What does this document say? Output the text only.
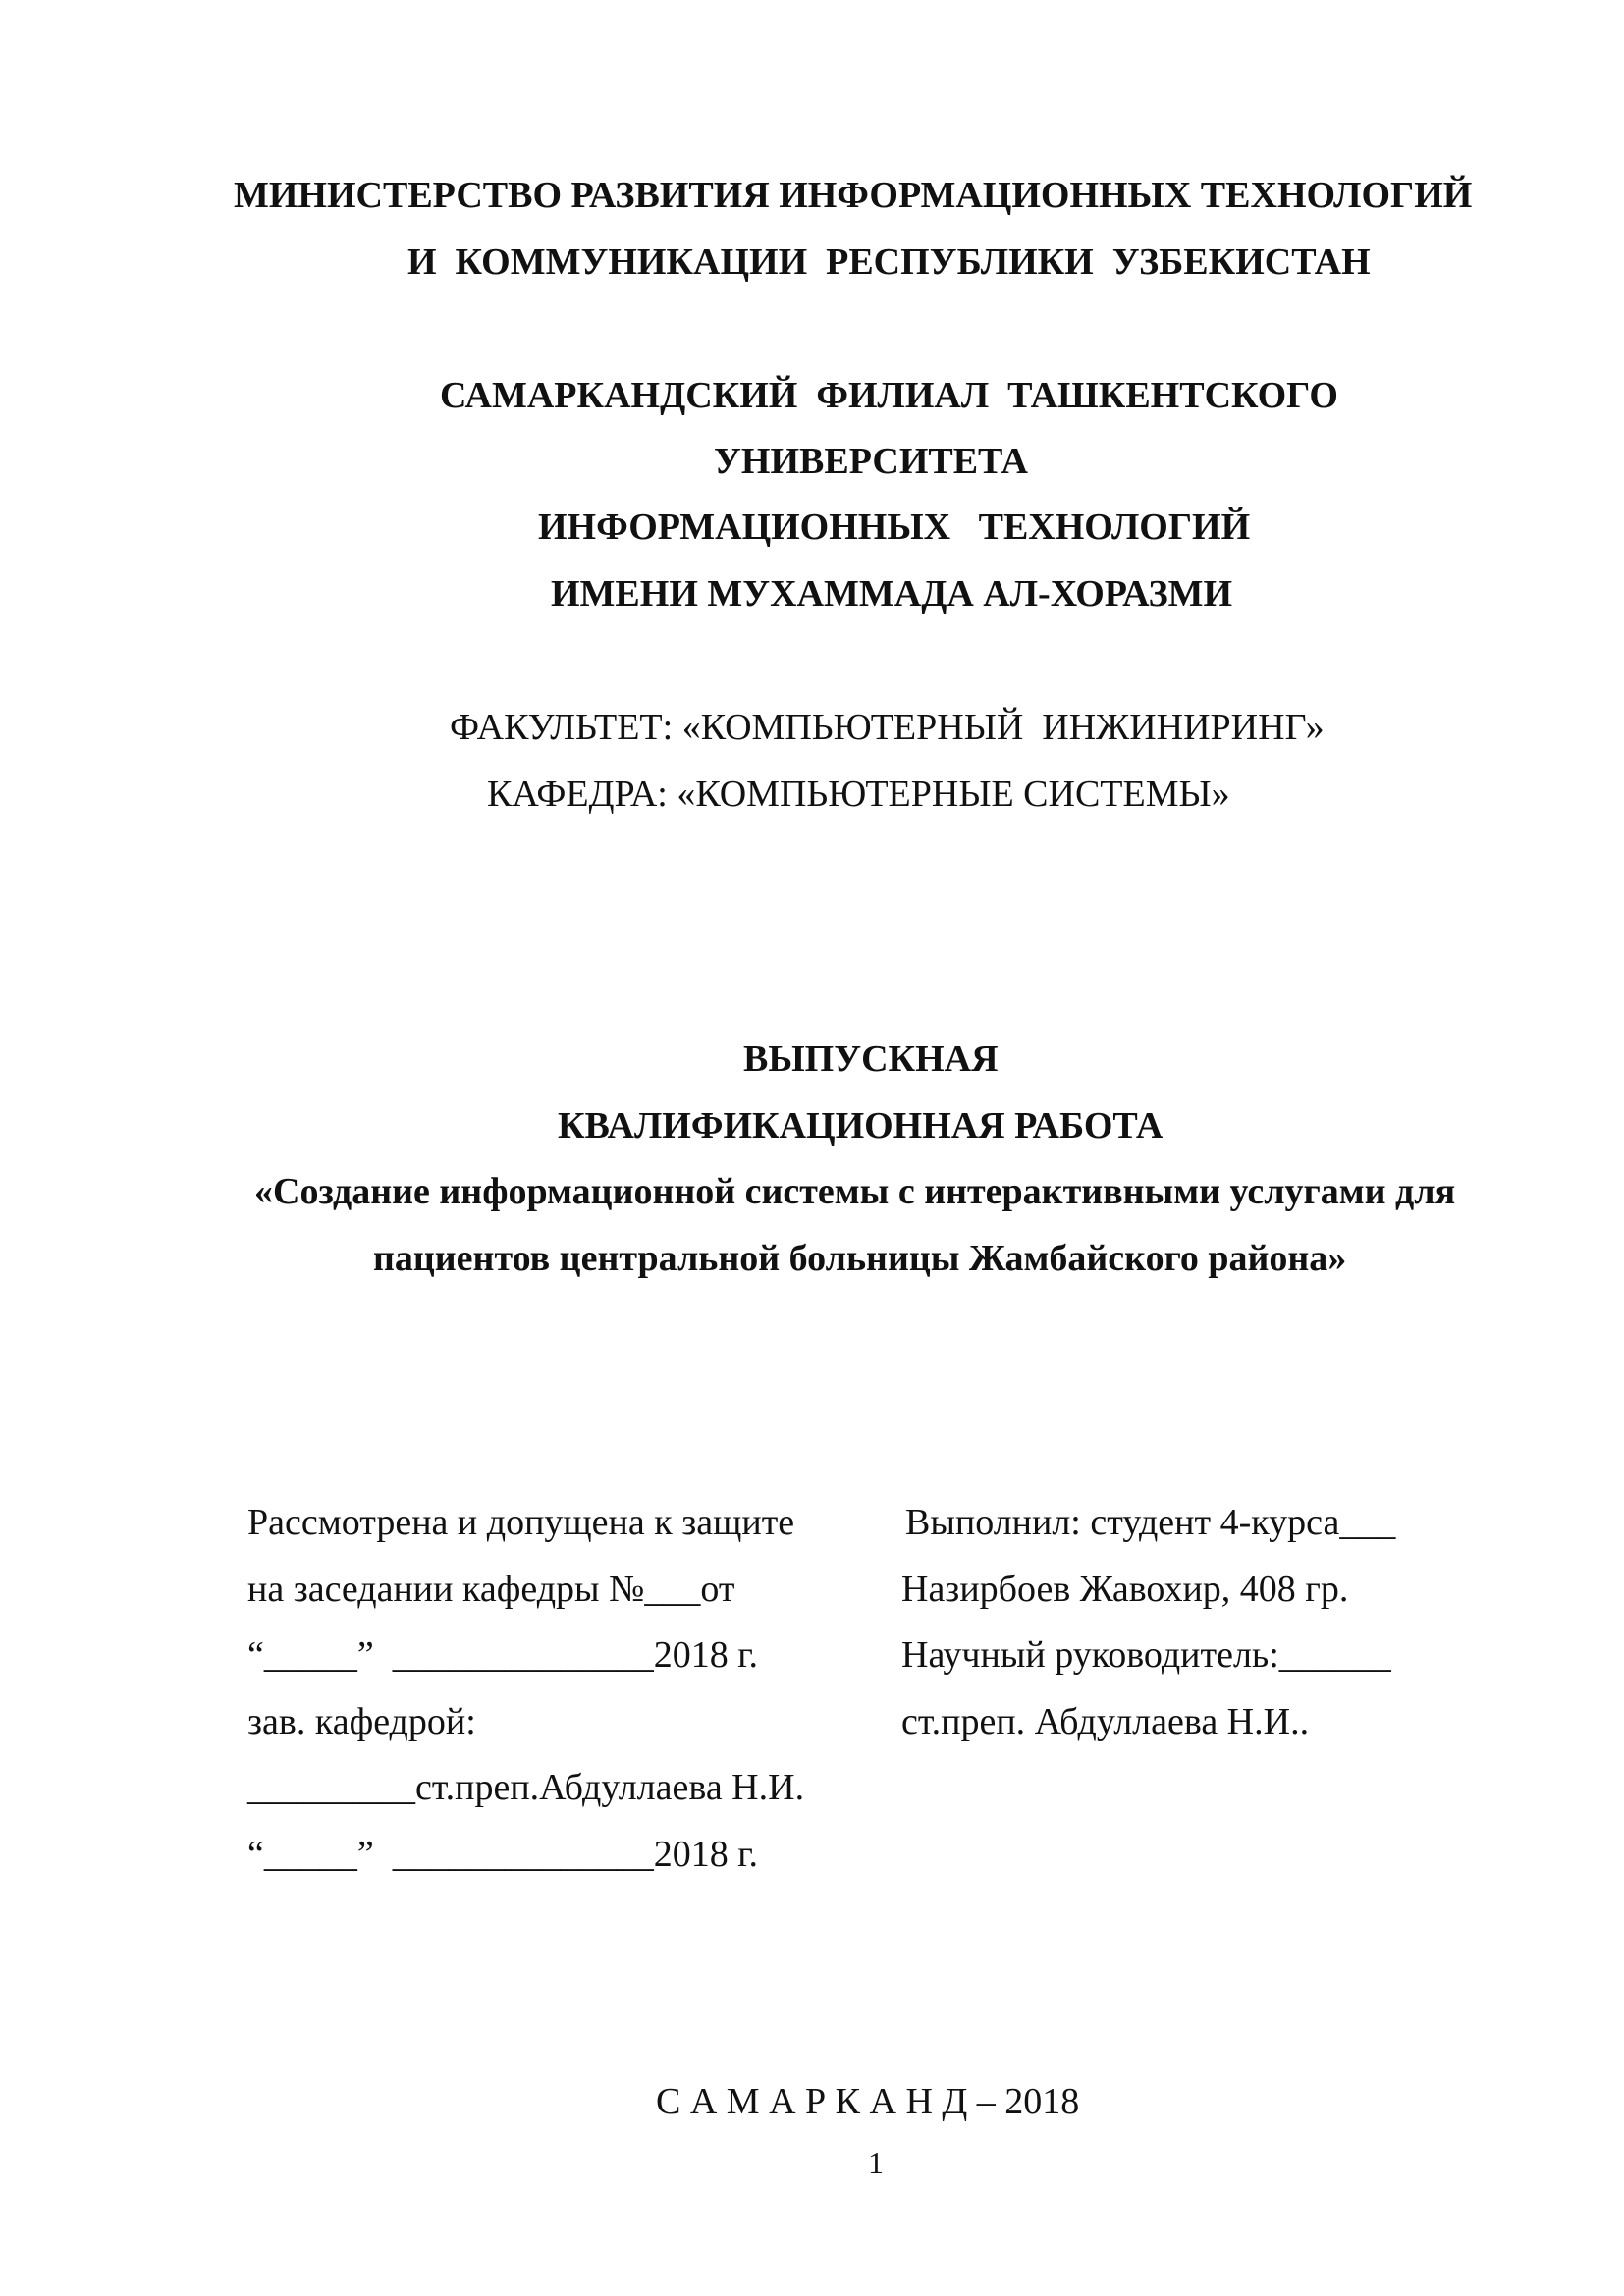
МИНИСТЕРСТВО РАЗВИТИЯ ИНФОРМАЦИОННЫХ ТЕХНОЛОГИЙ
И  КОММУНИКАЦИИ  РЕСПУБЛИКИ  УЗБЕКИСТАН
САМАРКАНДСКИЙ  ФИЛИАЛ  ТАШКЕНТСКОГО
УНИВЕРСИТЕТА
ИНФОРМАЦИОННЫХ   ТЕХНОЛОГИЙ
ИМЕНИ МУХАММАДА АЛ-ХОРАЗМИ
ФАКУЛЬТЕТ: «КОМПЬЮТЕРНЫЙ  ИНЖИНИРИНГ»
КАФЕДРА: «КОМПЬЮТЕРНЫЕ СИСТЕМЫ»
ВЫПУСКНАЯ
КВАЛИФИКАЦИОННАЯ РАБОТА
«Создание информационной системы с интерактивными услугами для
пациентов центральной больницы Жамбайского района»
Рассмотрена и допущена к защите
на заседании кафедры №___от
“_____”  ______________2018 г.
зав. кафедрой:
_________ст.преп.Абдуллаева Н.И.
“_____”  ______________2018 г.
Выполнил: студент 4-курса___
Назирбоев Жавохир, 408 гр.
Научный руководитель:______
ст.преп. Абдуллаева Н.И..
С А М А Р К А Н Д – 2018
1
